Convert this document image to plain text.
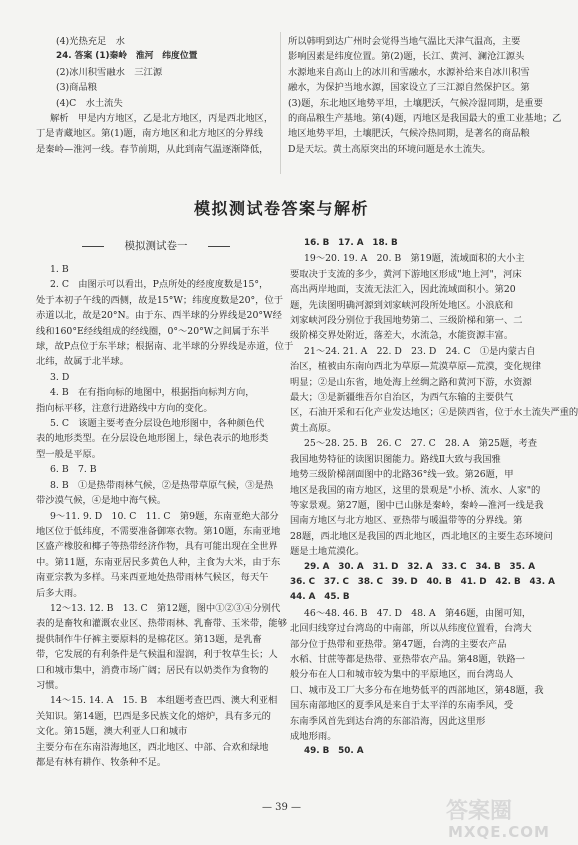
(4)光热充足　水

24. 答案 (1)秦岭　淮河　纬度位置

(2)冰川积雪融水　三江源

(3)商品粮

(4)C　水土流失

解析　甲是内方地区，乙是北方地区，丙是西北地区，

丁是青藏地区。第(1)题，南方地区和北方地区的分界线

是秦岭—淮河一线。春节前期，从此到南气温逐渐降低，

所以韩明到达广州时会觉得当地气温比天津气温高，主要

影响因素是纬度位置。第(2)题，长江、黄河、澜沧江源头

水源地来自高山上的冰川和雪融水，水源补给来自冰川积雪

融水，为保护当地水源，国家设立了三江源自然保护区。第

(3)题，东北地区地势平坦，土壤肥沃，气候冷湿同期，是重要

的商品粮生产基地。第(4)题，丙地区是我国最大的重工业基地；乙

地区地势平坦，土壤肥沃，气候冷热同期，是著名的商品粮

D是天坛。黄土高原突出的环境问题是水土流失。

模拟测试卷答案与解析
模拟测试卷一

1. B

2. C　由图示可以看出，P点所处的经度度数是15°，

处于本初子午线的西侧，故是15°W；纬度度数是20°，位于

赤道以北，故是20°N。由于东、西半球的分界线是20°W经

线和160°E经线组成的经线圈，0°～20°W之间属于东半

球，故P点位于东半球；根据南、北半球的分界线是赤道，位于

北纬，故属于北半球。

3. D

4. B　在有指向标的地图中，根据指向标判方向，

指向标平移，注意行进路线中方向的变化。

5. C　该题主要考查分层设色地形图中，各种颜色代

表的地形类型。在分层设色地形图上，绿色表示的地形类

型一般是平原。

6. B　7. B

8. B　①是热带雨林气候，②是热带草原气候，③是热

带沙漠气候，④是地中海气候。

9～11. 9. D　10. C　11. C　第9题，东南亚绝大部分

地区位于低纬度，不需要准备御寒衣物。第10题，东南亚地

区盛产橡胶和椰子等热带经济作物，具有可能出现在全世界

中。第11题，东南亚居民多黄色人种，主食为大米，由于东

南亚宗教为多样。马来西亚地处热带雨林气候区，每天午

后多大雨。

12～13. 12. B　13. C　第12题，图中①②③④分别代

表的是畜牧和灌溉农业区、热带雨林、乳畜带、玉米带，能够

提供制作牛仔裤主要原料的是棉花区。第13题，是乳畜

带，它发展的有利条件是气候温和湿润，利于牧草生长；人

口和城市集中，消费市场广阔；居民有以奶类作为食物的

习惯。

14～15. 14. A　15. B　本组题考查巴西、澳大利亚相

关知识。第14题，巴西是多民族文化的熔炉，具有多元的

文化。第15题，澳大利亚人口和城市

主要分布在东南沿海地区，西北地区、中部、合欢和绿地

都是有林有耕作、牧条种不足。

16. B　17. A　18. B

19～20. 19. A　20. B　第19题，流域面积的大小主

要取决于支流的多少，黄河下游地区形成"地上河"，河床

高出两岸地面，支流无法汇入，因此流域面积小。第20

题，先读图明确河源到刘家峡河段所处地区。小浪底和

刘家峡河段分别位于我国地势第二、三级阶梯和第一、二

级阶梯交界处附近，落差大，水流急，水能资源丰富。

21～24. 21. A　22. D　23. D　24. C　①是内蒙古自

治区，植被由东南向西北为草原—荒漠草原—荒漠，变化规律

明显；②是山东省，地处海上丝绸之路和黄河下游，水资源

最大；③是新疆维吾尔自治区，为西气东输的主要供气

区，石油开采和石化产业发达地区；④是陕西省，位于水土流失严重的

黄土高原。

25～28. 25. B　26. C　27. C　28. A　第25题，考查

我国地势特征的读图识图能力。路线Ⅱ大致与我国雅

地势三级阶梯剖面图中的北路36°线一致。第26题，甲

地区是我国的南方地区，这里的景观是"小桥、流水、人家"的

等家景观。第27题，图中已山脉是秦岭，秦岭—淮河一线是我

国南方地区与北方地区、亚热带与暖温带等的分界线。第

28题，西北地区是我国的西北地区，西北地区的主要生态环境问

题是土地荒漠化。

29. A　30. A　31. D　32. A　33. C　34. B　35. A

36. C　37. C　38. C　39. D　40. B　41. D　42. B　43. A

44. A　45. B

46～48. 46. B　47. D　48. A　第46题，由图可知，

北回归线穿过台湾岛的中南部，所以从纬度位置看，台湾大

部分位于热带和亚热带。第47题，台湾的主要农产品

水稻、甘蔗等都是热带、亚热带农产品。第48题，铁路一

般分布在人口和城市较为集中的平原地区，而台湾岛人

口、城市及工厂大多分布在地势低平的西部地区，第48题，我

国东南部地区的夏季风是来自于太平洋的东南季风，受

东南季风首先到达台湾的东部沿海，因此这里形

成地形雨。

49. B　50. A

— 39 —	答案圈
MXQE.COM
